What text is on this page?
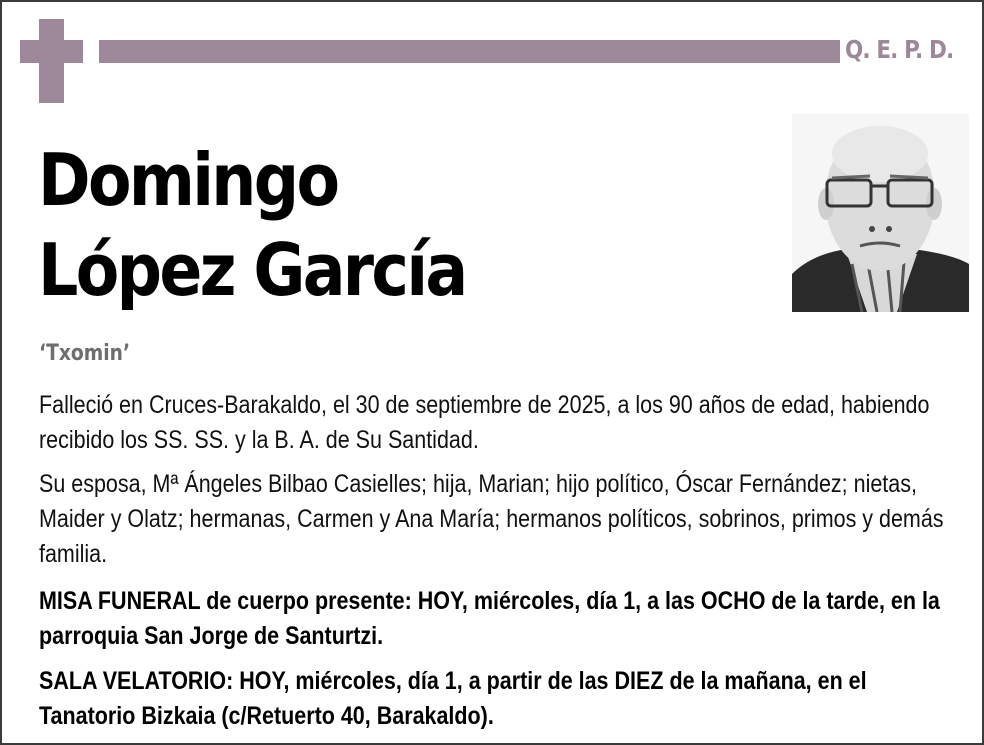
Q. E. P. D.
Domingo
López García
‘Txomin’

Falleció en Cruces-Barakaldo, el 30 de septiembre de 2025, a los 90 años de edad, habiendo recibido los SS. SS. y la B. A. de Su Santidad.

Su esposa, Mª Ángeles Bilbao Casielles; hija, Marian; hijo político, Óscar Fernández; nietas, Maider y Olatz; hermanas, Carmen y Ana María; hermanos políticos, sobrinos, primos y demás familia.

MISA FUNERAL de cuerpo presente: HOY, miércoles, día 1, a las OCHO de la tarde, en la parroquia San Jorge de Santurtzi.

SALA VELATORIO: HOY, miércoles, día 1, a partir de las DIEZ de la mañana, en el Tanatorio Bizkaia (c/Retuerto 40, Barakaldo).
